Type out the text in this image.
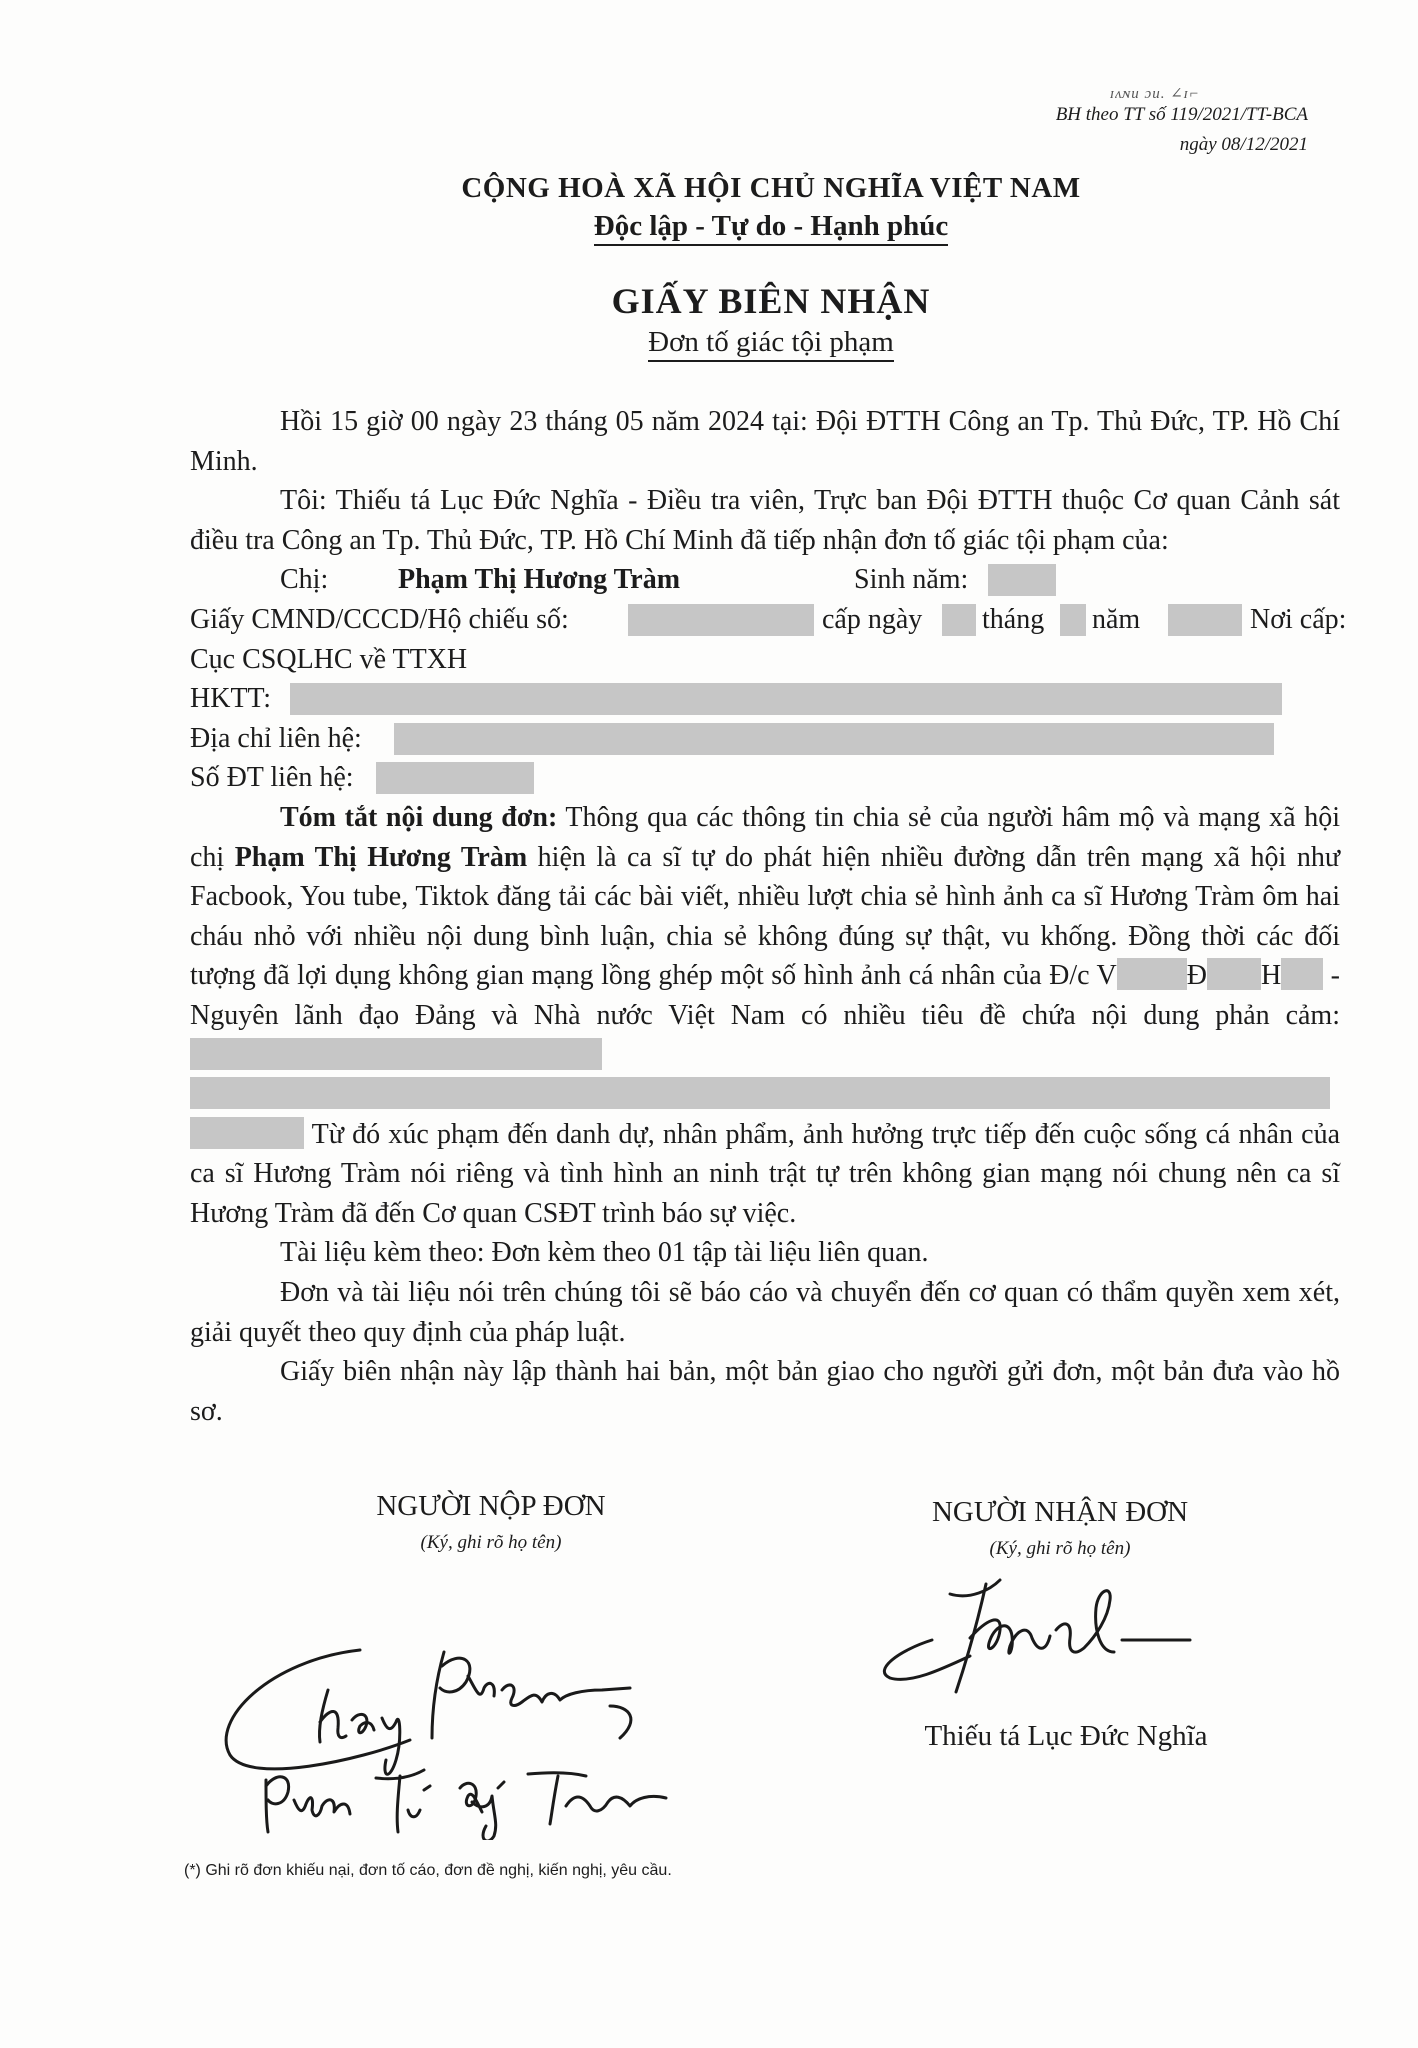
ɪʌɴu ɔu. ∠ɪ⌐
BH theo TT số 119/2021/TT-BCA
ngày 08/12/2021
CỘNG HOÀ XÃ HỘI CHỦ NGHĨA VIỆT NAM
Độc lập - Tự do - Hạnh phúc
GIẤY BIÊN NHẬN
Đơn tố giác tội phạm

Hồi 15 giờ 00 ngày 23 tháng 05 năm 2024 tại: Đội ĐTTH Công an Tp. Thủ Đức, TP. Hồ Chí Minh.

Tôi: Thiếu tá Lục Đức Nghĩa - Điều tra viên, Trực ban Đội ĐTTH thuộc Cơ quan Cảnh sát điều tra Công an Tp. Thủ Đức, TP. Hồ Chí Minh đã tiếp nhận đơn tố giác tội phạm của:

Chị: Phạm Thị Hương Tràm	Sinh năm:
Giấy CMND/CCCD/Hộ chiếu số:	cấp ngày tháng năm	Nơi cấp:
Cục CSQLHC về TTXH
HKTT:
Địa chỉ liên hệ:
Số ĐT liên hệ:

Tóm tắt nội dung đơn: Thông qua các thông tin chia sẻ của người hâm mộ và mạng xã hội chị Phạm Thị Hương Tràm hiện là ca sĩ tự do phát hiện nhiều đường dẫn trên mạng xã hội như Facbook, You tube, Tiktok đăng tải các bài viết, nhiều lượt chia sẻ hình ảnh ca sĩ Hương Tràm ôm hai cháu nhỏ với nhiều nội dung bình luận, chia sẻ không đúng sự thật, vu khống. Đồng thời các đối tượng đã lợi dụng không gian mạng lồng ghép một số hình ảnh cá nhân của Đ/c V	Đ H - Nguyên lãnh đạo Đảng và Nhà nước Việt Nam có nhiều tiêu đề chứa nội dung phản cảm:    Từ đó xúc phạm đến danh dự, nhân phẩm, ảnh hưởng trực tiếp đến cuộc sống cá nhân của ca sĩ Hương Tràm nói riêng và tình hình an ninh trật tự trên không gian mạng nói chung nên ca sĩ Hương Tràm đã đến Cơ quan CSĐT trình báo sự việc.

Tài liệu kèm theo: Đơn kèm theo 01 tập tài liệu liên quan.

Đơn và tài liệu nói trên chúng tôi sẽ báo cáo và chuyển đến cơ quan có thẩm quyền xem xét, giải quyết theo quy định của pháp luật.

Giấy biên nhận này lập thành hai bản, một bản giao cho người gửi đơn, một bản đưa vào hồ sơ.

NGƯỜI NỘP ĐƠN
(Ký, ghi rõ họ tên)
NGƯỜI NHẬN ĐƠN
(Ký, ghi rõ họ tên)
Thiếu tá Lục Đức Nghĩa
(*) Ghi rõ đơn khiếu nại, đơn tố cáo, đơn đề nghị, kiến nghị, yêu cầu.
